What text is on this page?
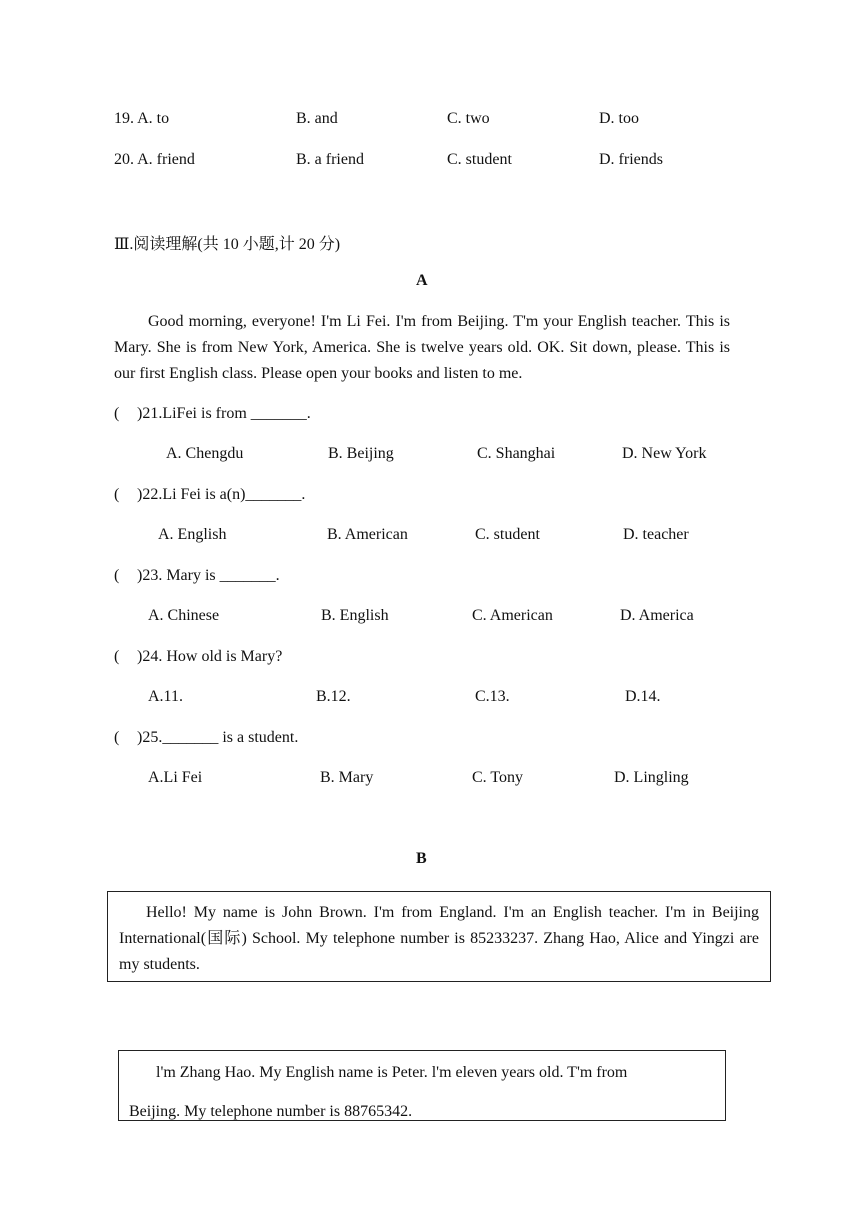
19. A. to	B. and	C. two	D. too
20. A. friend	B. a friend	C. student	D. friends
Ⅲ.阅读理解(共 10 小题,计 20 分)
A
Good morning, everyone! I'm Li Fei. I'm from Beijing. T'm your English teacher. This is Mary. She is from New York, America. She is twelve years old. OK. Sit down, please. This is our first English class. Please open your books and listen to me.
( )21.LiFei is from _______.
A. Chengdu	B. Beijing	C. Shanghai	D. New York
( )22.Li Fei is a(n)_______.
A. English	B. American	C. student	D. teacher
( )23. Mary is _______.
A. Chinese	B. English	C. American	D. America
( )24. How old is Mary?
A.11.	B.12.	C.13.	D.14.
( )25._______ is a student.
A.Li Fei	B. Mary	C. Tony	D. Lingling
B

Hello! My name is John Brown. I'm from England. I'm an English teacher. I'm in Beijing International(国际) School. My telephone number is 85233237. Zhang Hao, Alice and Yingzi are my students.

l'm Zhang Hao. My English name is Peter. l'm eleven years old. T'm from
Beijing. My telephone number is 88765342.
